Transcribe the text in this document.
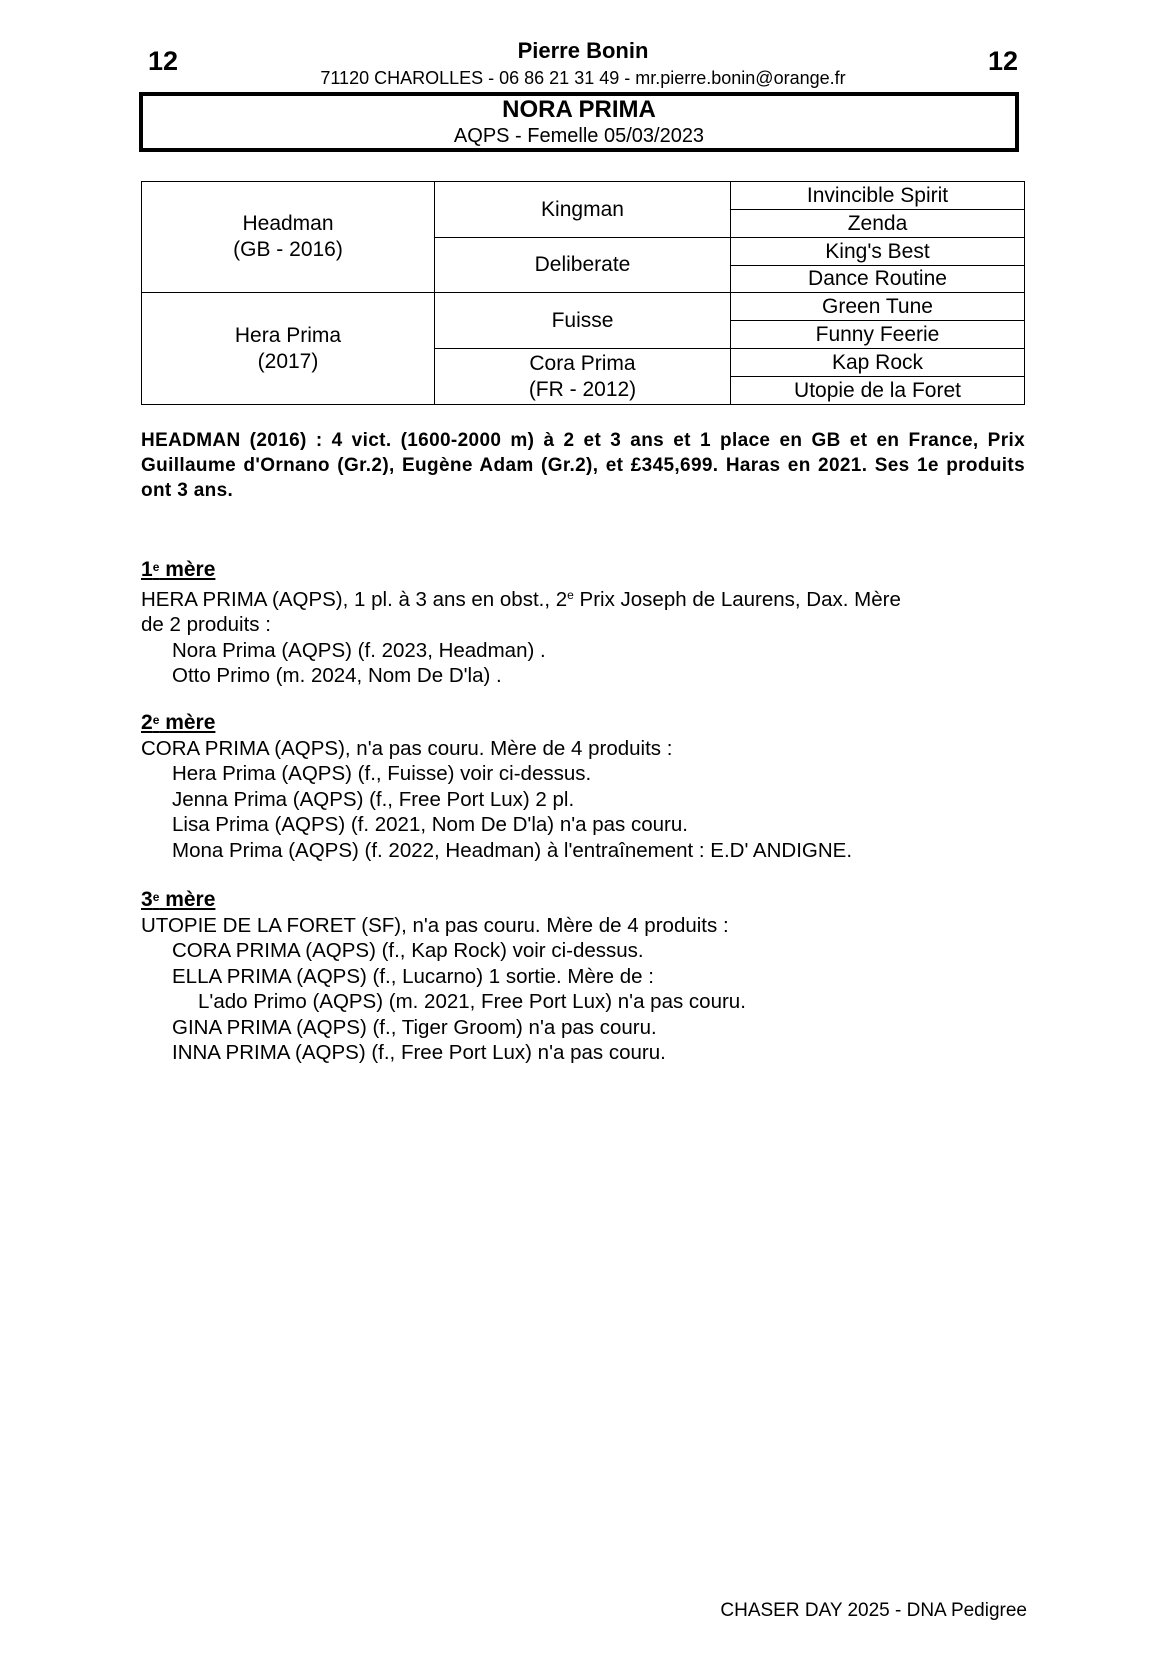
12	12
Pierre Bonin
71120 CHAROLLES - 06 86 21 31 49 - mr.pierre.bonin@orange.fr
NORA PRIMA
AQPS - Femelle 05/03/2023
Headman
(GB - 2016)
Hera Prima
(2017)
Kingman
Deliberate
Fuisse
Cora Prima
(FR - 2012)
Invincible Spirit
Zenda
King's Best
Dance Routine
Green Tune
Funny Feerie
Kap Rock
Utopie de la Foret
HEADMAN (2016) : 4 vict. (1600-2000 m) à 2 et 3 ans et 1 place en GB et en France, Prix Guillaume d'Ornano (Gr.2), Eugène Adam (Gr.2), et £345,699. Haras en 2021. Ses 1e produits ont 3 ans.
1e mère
HERA PRIMA (AQPS), 1 pl. à 3 ans en obst., 2e Prix Joseph de Laurens, Dax. Mère
de 2 produits :
Nora Prima (AQPS) (f. 2023, Headman) .
Otto Primo (m. 2024, Nom De D'la) .
2e mère
CORA PRIMA (AQPS), n'a pas couru. Mère de 4 produits :
Hera Prima (AQPS) (f., Fuisse) voir ci-dessus.
Jenna Prima (AQPS) (f., Free Port Lux) 2 pl.
Lisa Prima (AQPS) (f. 2021, Nom De D'la) n'a pas couru.
Mona Prima (AQPS) (f. 2022, Headman) à l'entraînement : E.D' ANDIGNE.
3e mère
UTOPIE DE LA FORET (SF), n'a pas couru. Mère de 4 produits :
CORA PRIMA (AQPS) (f., Kap Rock) voir ci-dessus.
ELLA PRIMA (AQPS) (f., Lucarno) 1 sortie. Mère de :
L'ado Primo (AQPS) (m. 2021, Free Port Lux) n'a pas couru.
GINA PRIMA (AQPS) (f., Tiger Groom) n'a pas couru.
INNA PRIMA (AQPS) (f., Free Port Lux) n'a pas couru.
CHASER DAY 2025 - DNA Pedigree
